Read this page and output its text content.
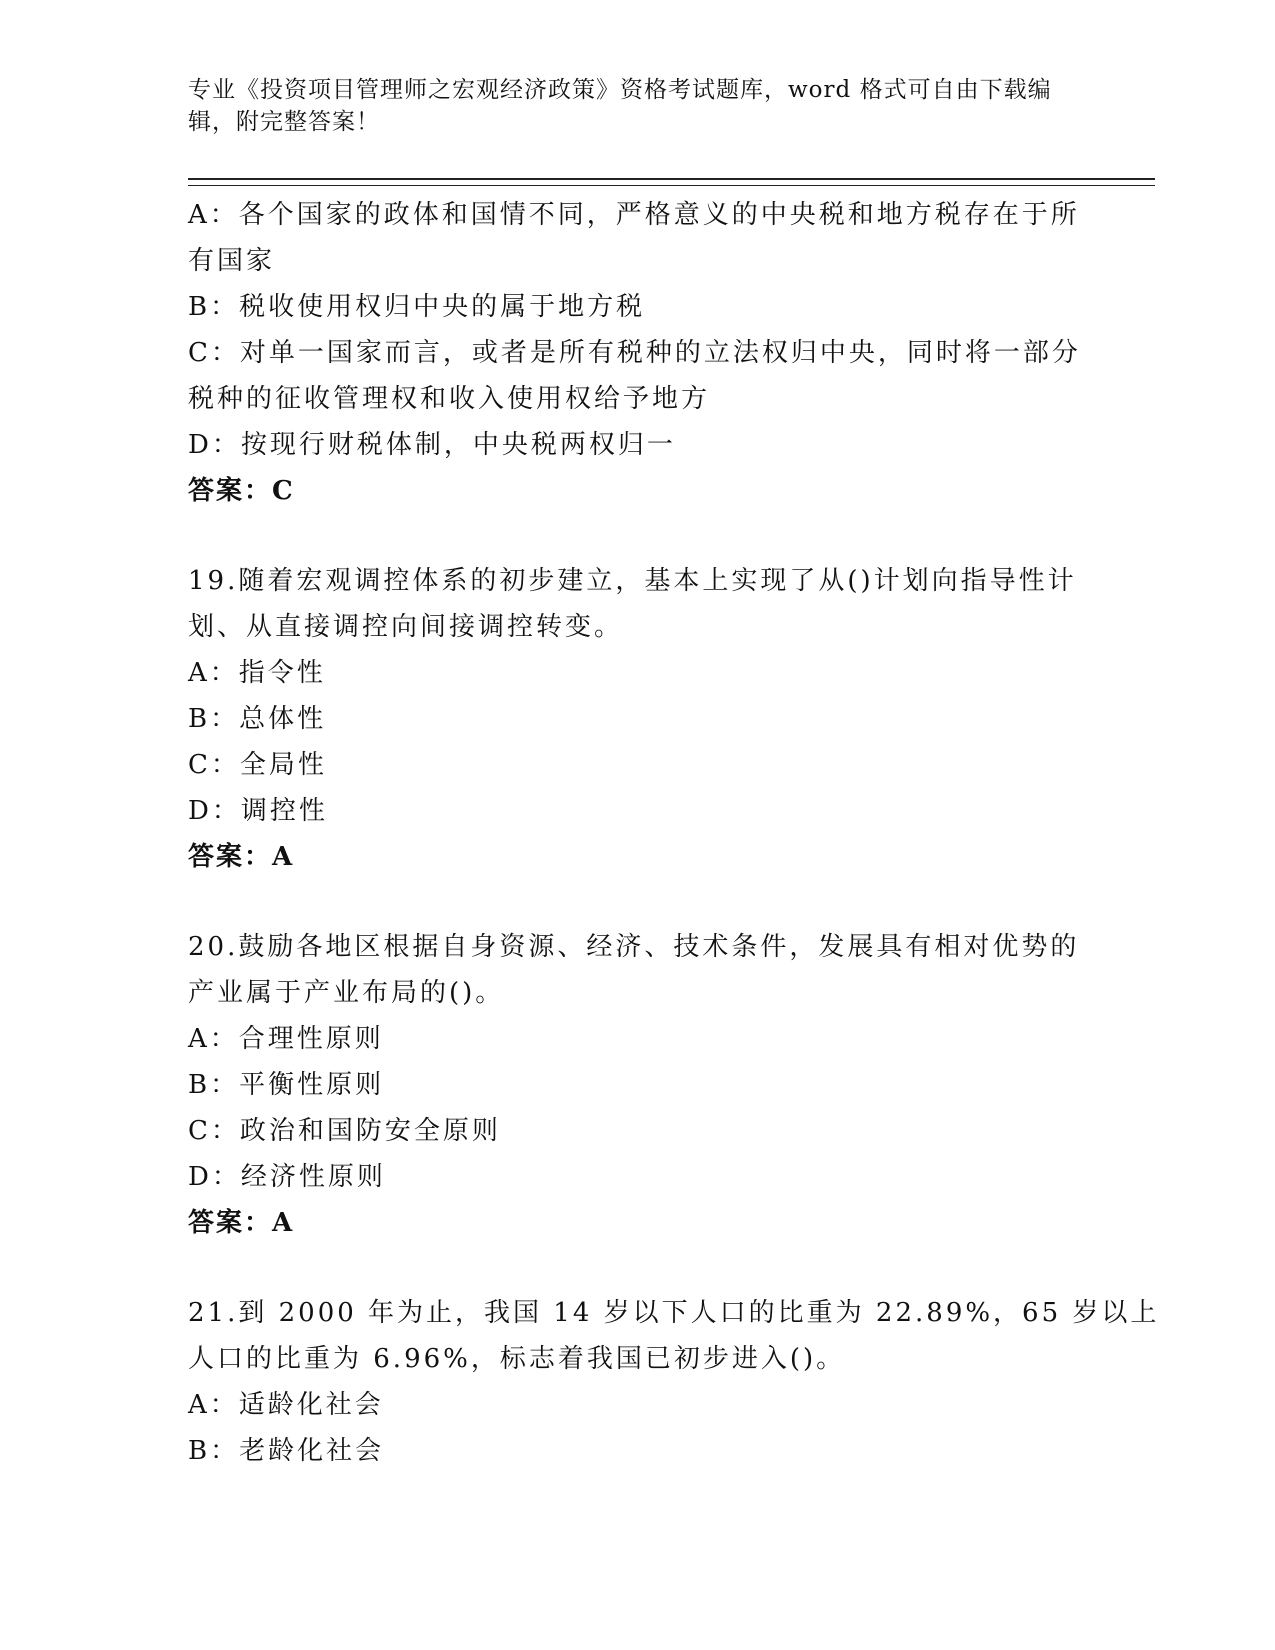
专业《投资项目管理师之宏观经济政策》资格考试题库，word 格式可自由下载编
辑，附完整答案！
A：各个国家的政体和国情不同，严格意义的中央税和地方税存在于所
有国家
B：税收使用权归中央的属于地方税
C：对单一国家而言，或者是所有税种的立法权归中央，同时将一部分
税种的征收管理权和收入使用权给予地方
D：按现行财税体制，中央税两权归一
答案：C
19.随着宏观调控体系的初步建立，基本上实现了从()计划向指导性计
划、从直接调控向间接调控转变。
A：指令性
B：总体性
C：全局性
D：调控性
答案：A
20.鼓励各地区根据自身资源、经济、技术条件，发展具有相对优势的
产业属于产业布局的()。
A：合理性原则
B：平衡性原则
C：政治和国防安全原则
D：经济性原则
答案：A
21.到 2000 年为止，我国 14 岁以下人口的比重为 22.89%，65 岁以上
人口的比重为 6.96%，标志着我国已初步进入()。
A：适龄化社会
B：老龄化社会
